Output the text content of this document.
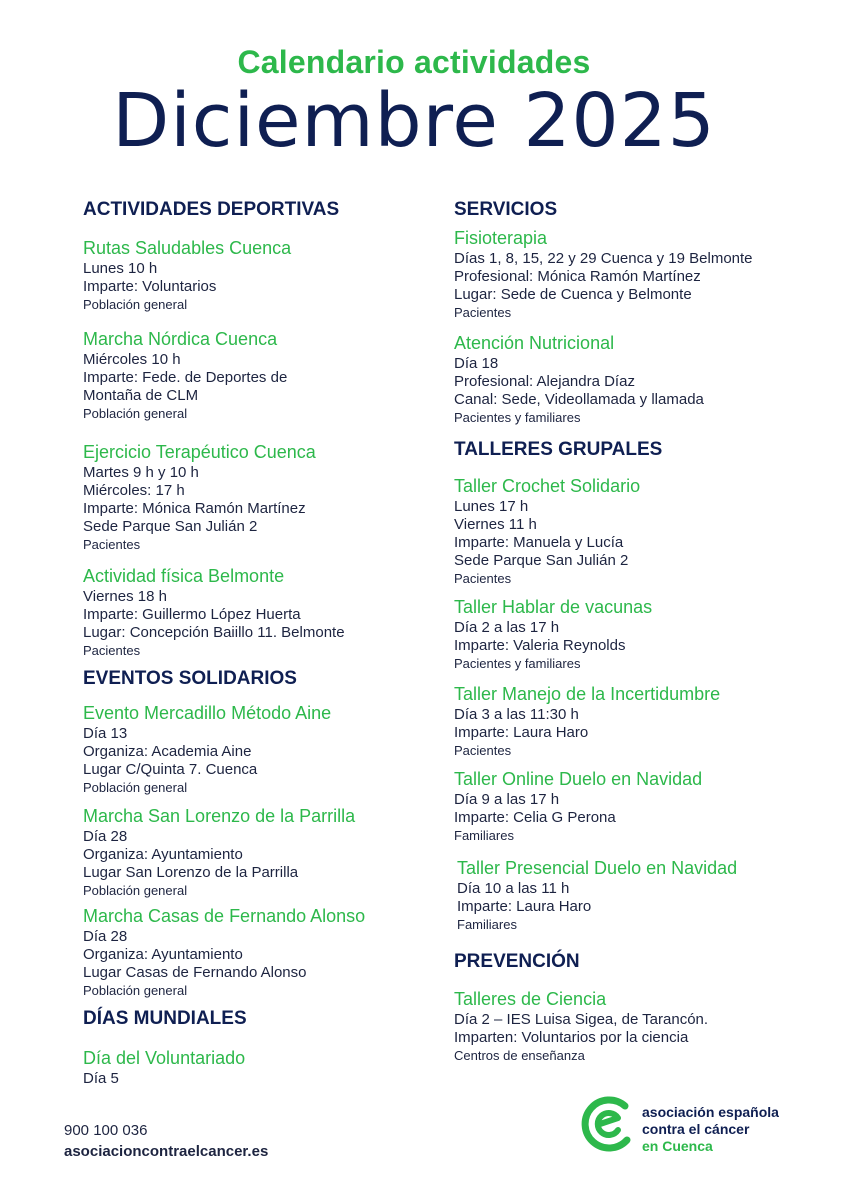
Calendario actividades
Diciembre 2025
ACTIVIDADES DEPORTIVAS
EVENTOS SOLIDARIOS
DÍAS MUNDIALES
SERVICIOS
TALLERES GRUPALES
PREVENCIÓN
Rutas Saludables Cuenca
Lunes 10 h
Imparte: Voluntarios
Población general
Marcha Nórdica Cuenca
Miércoles 10 h
Imparte: Fede. de Deportes de
Montaña de CLM
Población general
Ejercicio Terapéutico Cuenca
Martes 9 h y 10 h
Miércoles: 17 h
Imparte: Mónica Ramón Martínez
Sede Parque San Julián 2
Pacientes
Actividad física Belmonte
Viernes 18 h
Imparte: Guillermo López Huerta
Lugar: Concepción Baiillo 11. Belmonte
Pacientes
Evento Mercadillo Método Aine
Día 13
Organiza: Academia Aine
Lugar C/Quinta 7. Cuenca
Población general
Marcha San Lorenzo de la Parrilla
Día 28
Organiza: Ayuntamiento
Lugar San Lorenzo de la Parrilla
Población general
Marcha Casas de Fernando Alonso
Día 28
Organiza: Ayuntamiento
Lugar Casas de Fernando Alonso
Población general
Día del Voluntariado
Día 5
Fisioterapia
Días 1, 8, 15, 22 y 29 Cuenca y 19 Belmonte
Profesional: Mónica Ramón Martínez
Lugar: Sede de Cuenca y Belmonte
Pacientes
Atención Nutricional
Día 18
Profesional: Alejandra Díaz
Canal: Sede, Videollamada y llamada
Pacientes y familiares
Taller Crochet Solidario
Lunes 17 h
Viernes 11 h
Imparte: Manuela y Lucía
Sede Parque San Julián 2
Pacientes
Taller Hablar de vacunas
Día 2 a las 17 h
Imparte: Valeria Reynolds
Pacientes y familiares
Taller Manejo de la Incertidumbre
Día 3 a las 11:30 h
Imparte: Laura Haro
Pacientes
Taller Online Duelo en Navidad
Día 9 a las 17 h
Imparte: Celia G Perona
Familiares
Taller Presencial Duelo en Navidad
Día 10 a las 11 h
Imparte: Laura Haro
Familiares
Talleres de Ciencia
Día 2 – IES Luisa Sigea, de Tarancón.
Imparten: Voluntarios por la ciencia
Centros de enseñanza
900 100 036
asociacioncontraelcancer.es
asociación española
contra el cáncer
en Cuenca
